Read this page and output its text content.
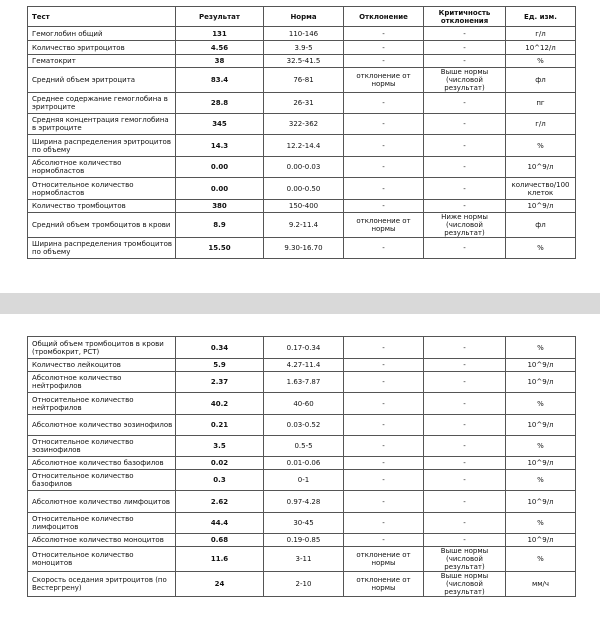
Тест	Результат	Норма	Отклонение	Критичность отклонения	Ед. изм.
Гемоглобин общий	131	110-146	-	-	г/л
Количество эритроцитов	4.56	3.9-5	-	-	10^12/л
Гематокрит	38	32.5-41.5	-	-	%
Средний объем эритроцита	83.4	76-81	отклонение от нормы	Выше нормы (числовой результат)	фл
Среднее содержание гемоглобина в эритроците	28.8	26-31	-	-	пг
Средняя концентрация гемоглобина в эритроците	345	322-362	-	-	г/л
Ширина распределения эритроцитов по объему	14.3	12.2-14.4	-	-	%
Абсолютное количество нормобластов	0.00	0.00-0.03	-	-	10^9/л
Относительное количество нормобластов	0.00	0.00-0.50	-	-	количество/100 клеток
Количество тромбоцитов	380	150-400	-	-	10^9/л
Средний объем тромбоцитов в крови	8.9	9.2-11.4	отклонение от нормы	Ниже нормы (числовой результат)	фл
Ширина распределения тромбоцитов по объему	15.50	9.30-16.70	-	-	%
Общий объем тромбоцитов в крови (тромбокрит, PCT)	0.34	0.17-0.34	-	-	%
Количество лейкоцитов	5.9	4.27-11.4	-	-	10^9/л
Абсолютное количество нейтрофилов	2.37	1.63-7.87	-	-	10^9/л
Относительное количество нейтрофилов	40.2	40-60	-	-	%
Абсолютное количество эозинофилов	0.21	0.03-0.52	-	-	10^9/л
Относительное количество эозинофилов	3.5	0.5-5	-	-	%
Абсолютное количество базофилов	0.02	0.01-0.06	-	-	10^9/л
Относительное количество базофилов	0.3	0-1	-	-	%
Абсолютное количество лимфоцитов	2.62	0.97-4.28	-	-	10^9/л
Относительное количество лимфоцитов	44.4	30-45	-	-	%
Абсолютное количество моноцитов	0.68	0.19-0.85	-	-	10^9/л
Относительное количество моноцитов	11.6	3-11	отклонение от нормы	Выше нормы (числовой результат)	%
Скорость оседания эритроцитов (по Вестергрену)	24	2-10	отклонение от нормы	Выше нормы (числовой результат)	мм/ч
